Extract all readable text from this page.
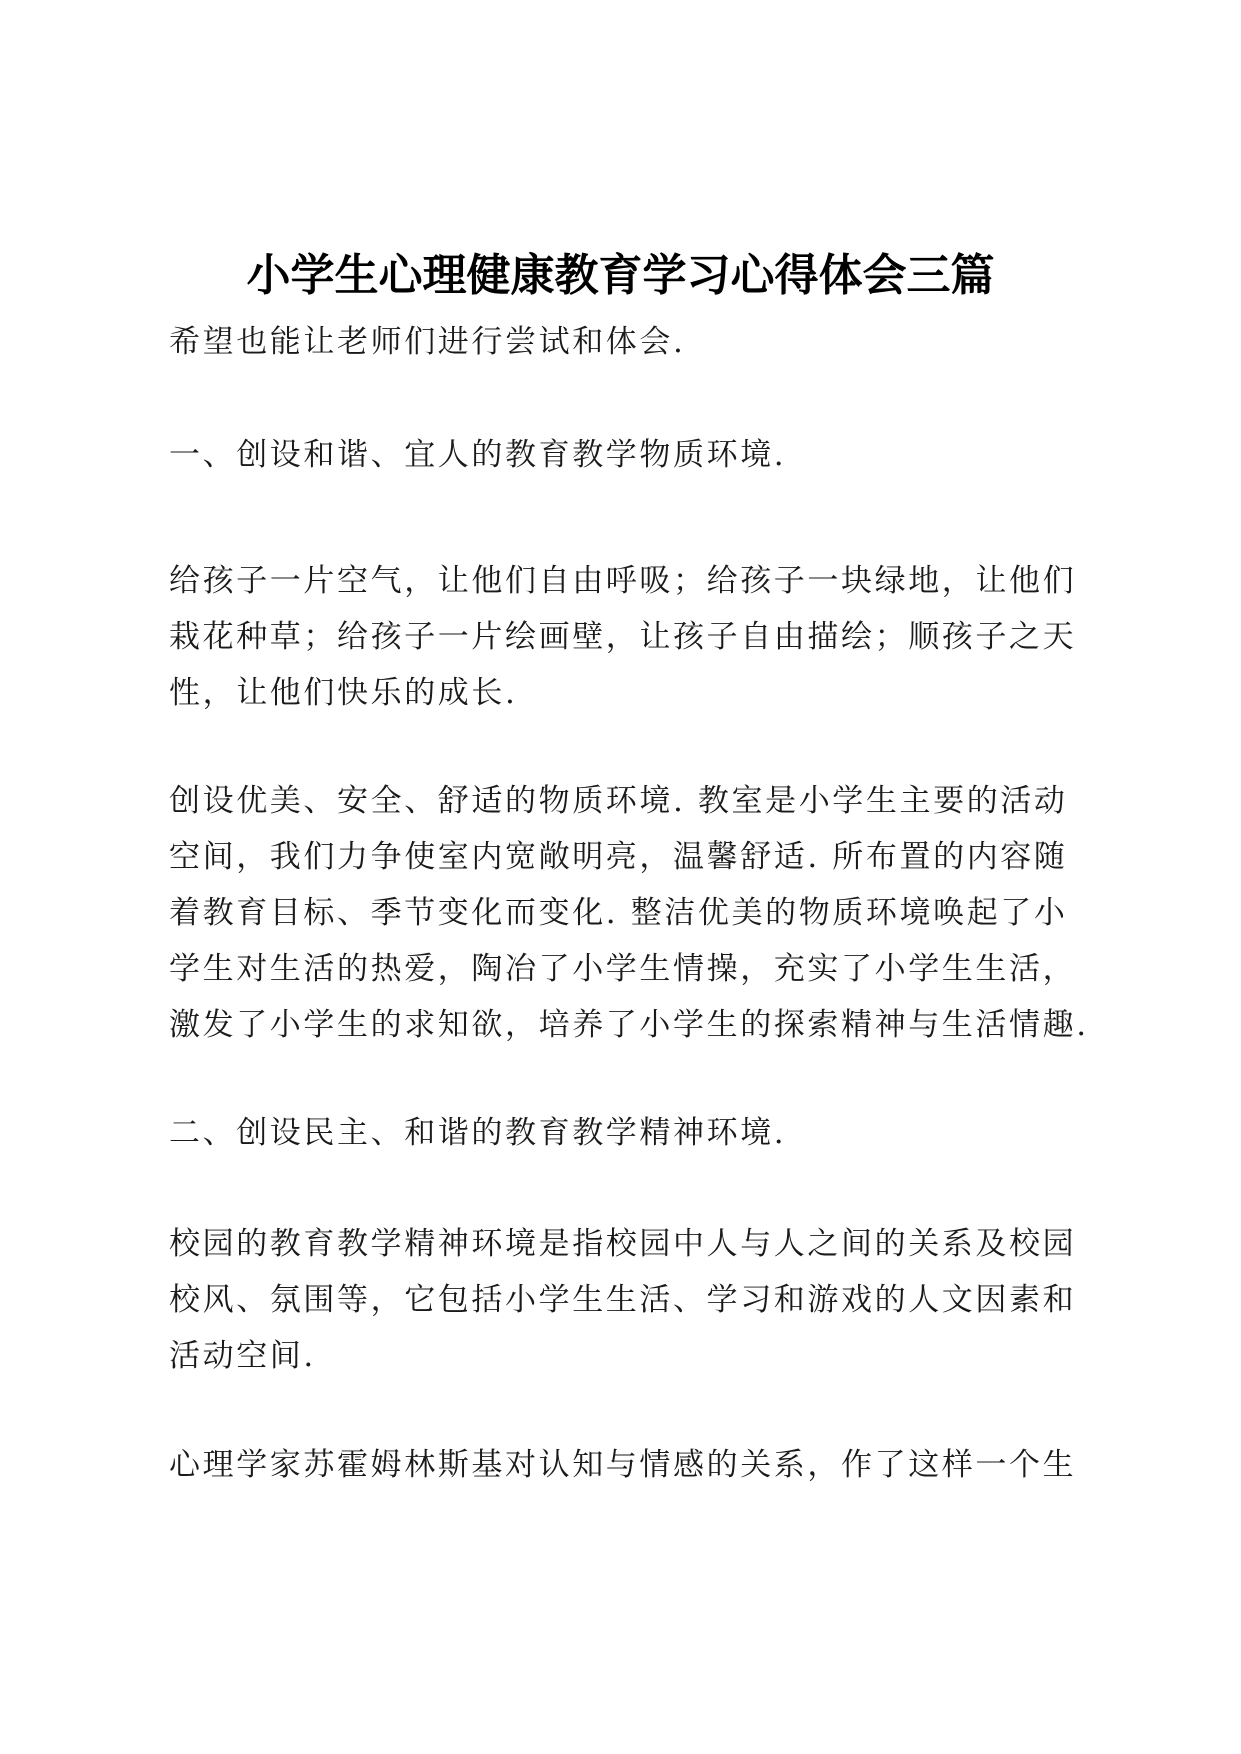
小学生心理健康教育学习心得体会三篇
希望也能让老师们进行尝试和体会.
一、创设和谐、宜人的教育教学物质环境.
给孩子一片空气，让他们自由呼吸；给孩子一块绿地，让他们
栽花种草；给孩子一片绘画壁，让孩子自由描绘；顺孩子之天
性，让他们快乐的成长.
创设优美、安全、舒适的物质环境. 教室是小学生主要的活动
空间，我们力争使室内宽敞明亮，温馨舒适. 所布置的内容随
着教育目标、季节变化而变化. 整洁优美的物质环境唤起了小
学生对生活的热爱，陶冶了小学生情操，充实了小学生生活，
激发了小学生的求知欲，培养了小学生的探索精神与生活情趣.
二、创设民主、和谐的教育教学精神环境.
校园的教育教学精神环境是指校园中人与人之间的关系及校园
校风、氛围等，它包括小学生生活、学习和游戏的人文因素和
活动空间.
心理学家苏霍姆林斯基对认知与情感的关系，作了这样一个生
